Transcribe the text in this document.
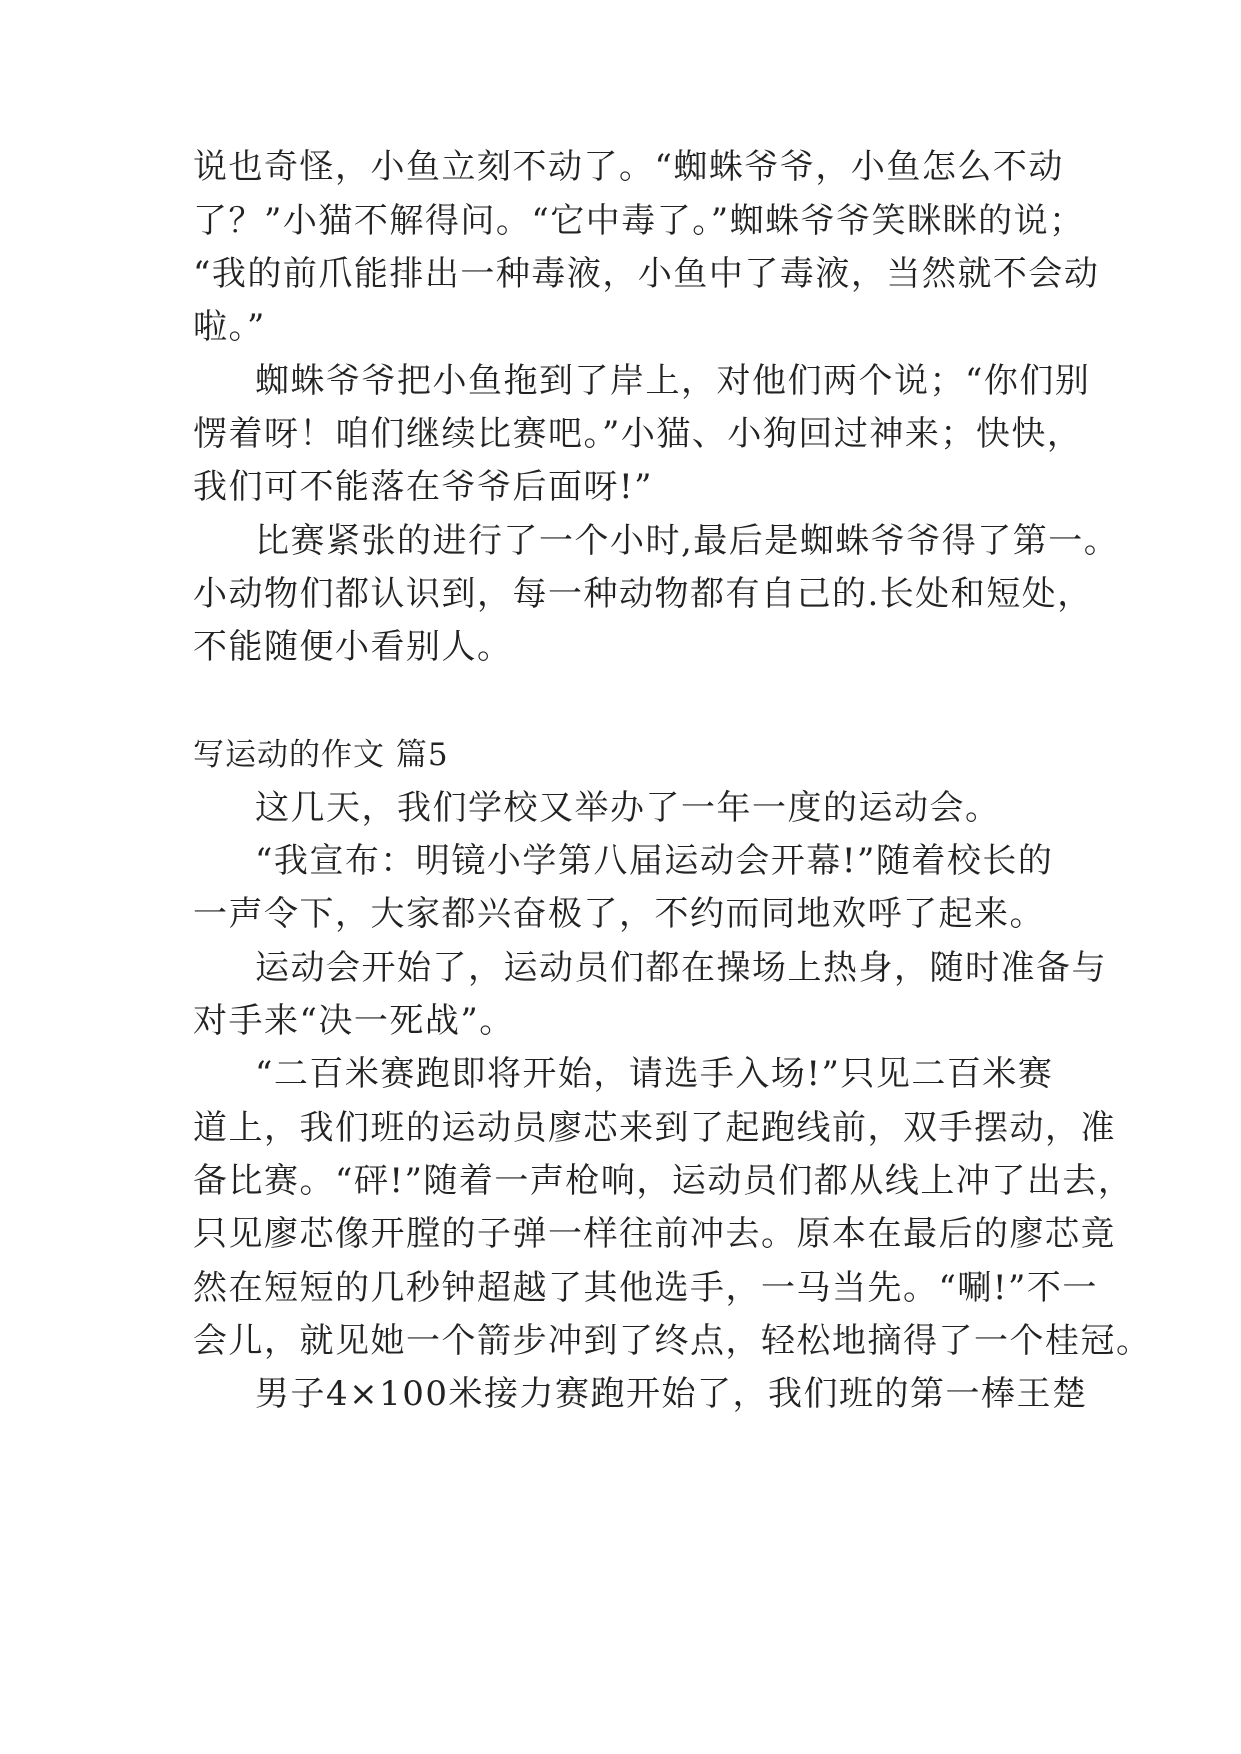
说也奇怪，小鱼立刻不动了。“蜘蛛爷爷，小鱼怎么不动
了？”小猫不解得问。“它中毒了。”蜘蛛爷爷笑眯眯的说；
“我的前爪能排出一种毒液，小鱼中了毒液，当然就不会动
啦。”
蜘蛛爷爷把小鱼拖到了岸上，对他们两个说；“你们别
愣着呀！咱们继续比赛吧。”小猫、小狗回过神来；快快，
我们可不能落在爷爷后面呀!”
比赛紧张的进行了一个小时,最后是蜘蛛爷爷得了第一。
小动物们都认识到，每一种动物都有自己的.长处和短处，
不能随便小看别人。
写运动的作文 篇5
这几天，我们学校又举办了一年一度的运动会。
“我宣布：明镜小学第八届运动会开幕!”随着校长的
一声令下，大家都兴奋极了，不约而同地欢呼了起来。
运动会开始了，运动员们都在操场上热身，随时准备与
对手来“决一死战”。
“二百米赛跑即将开始，请选手入场!”只见二百米赛
道上，我们班的运动员廖芯来到了起跑线前，双手摆动，准
备比赛。“砰!”随着一声枪响，运动员们都从线上冲了出去，
只见廖芯像开膛的子弹一样往前冲去。原本在最后的廖芯竟
然在短短的几秒钟超越了其他选手，一马当先。“唰!”不一
会儿，就见她一个箭步冲到了终点，轻松地摘得了一个桂冠。
男子4×100米接力赛跑开始了，我们班的第一棒王楚
